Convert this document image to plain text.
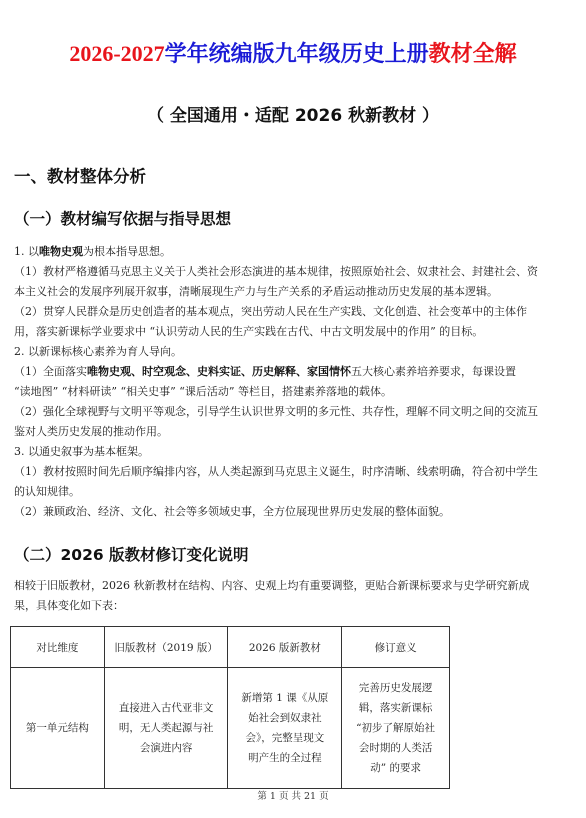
2026-2027学年统编版九年级历史上册教材全解
（ 全国通用・适配 2026 秋新教材 ）
一、教材整体分析
（一）教材编写依据与指导思想

1. 以唯物史观为根本指导思想。

（1）教材严格遵循马克思主义关于人类社会形态演进的基本规律，按照原始社会、奴隶社会、封建社会、资

本主义社会的发展序列展开叙事，清晰展现生产力与生产关系的矛盾运动推动历史发展的基本逻辑。

（2）贯穿人民群众是历史创造者的基本观点，突出劳动人民在生产实践、文化创造、社会变革中的主体作

用，落实新课标学业要求中 “认识劳动人民的生产实践在古代、中古文明发展中的作用” 的目标。

2. 以新课标核心素养为育人导向。

（1）全面落实唯物史观、时空观念、史料实证、历史解释、家国情怀五大核心素养培养要求，每课设置

“读地图” “材料研读” “相关史事” “课后活动” 等栏目，搭建素养落地的载体。

（2）强化全球视野与文明平等观念，引导学生认识世界文明的多元性、共存性，理解不同文明之间的交流互

鉴对人类历史发展的推动作用。

3. 以通史叙事为基本框架。

（1）教材按照时间先后顺序编排内容，从人类起源到马克思主义诞生，时序清晰、线索明确，符合初中学生

的认知规律。

（2）兼顾政治、经济、文化、社会等多领域史事，全方位展现世界历史发展的整体面貌。

（二）2026 版教材修订变化说明

相较于旧版教材，2026 秋新教材在结构、内容、史观上均有重要调整，更贴合新课标要求与史学研究新成

果，具体变化如下表：

对比维度	旧版教材（2019 版）	2026 版新教材	修订意义
第一单元结构	直接进入古代亚非文
明，无人类起源与社
会演进内容	新增第 1 课《从原
始社会到奴隶社
会》，完整呈现文
明产生的全过程	完善历史发展逻
辑，落实新课标
“初步了解原始社
会时期的人类活
动” 的要求
第 1 页 共 21 页
